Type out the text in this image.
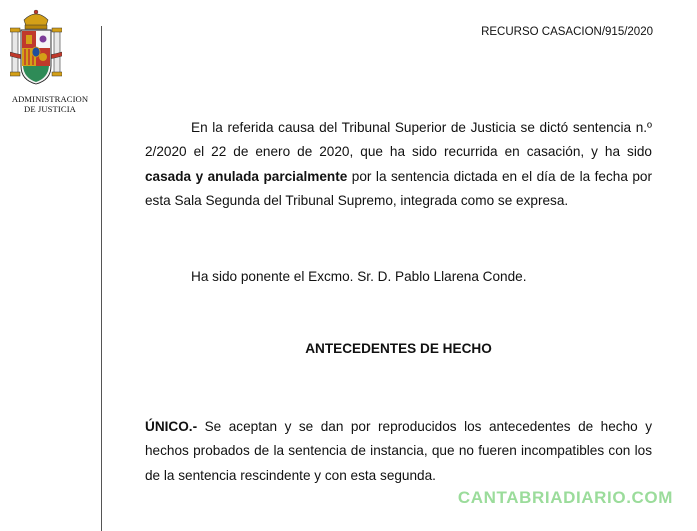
ADMINISTRACION
DE JUSTICIA
RECURSO CASACION/915/2020
En la referida causa del Tribunal Superior de Justicia se dictó sentencia n.º 2/2020 el 22 de enero de 2020, que ha sido recurrida en casación, y ha sido casada y anulada parcialmente por la sentencia dictada en el día de la fecha por esta Sala Segunda del Tribunal Supremo, integrada como se expresa.
Ha sido ponente el Excmo. Sr. D. Pablo Llarena Conde.
ANTECEDENTES DE HECHO
ÚNICO.- Se aceptan y se dan por reproducidos los antecedentes de hecho y hechos probados de la sentencia de instancia, que no fueren incompatibles con los de la sentencia rescindente y con esta segunda.
CANTABRIADIARIO.COM
